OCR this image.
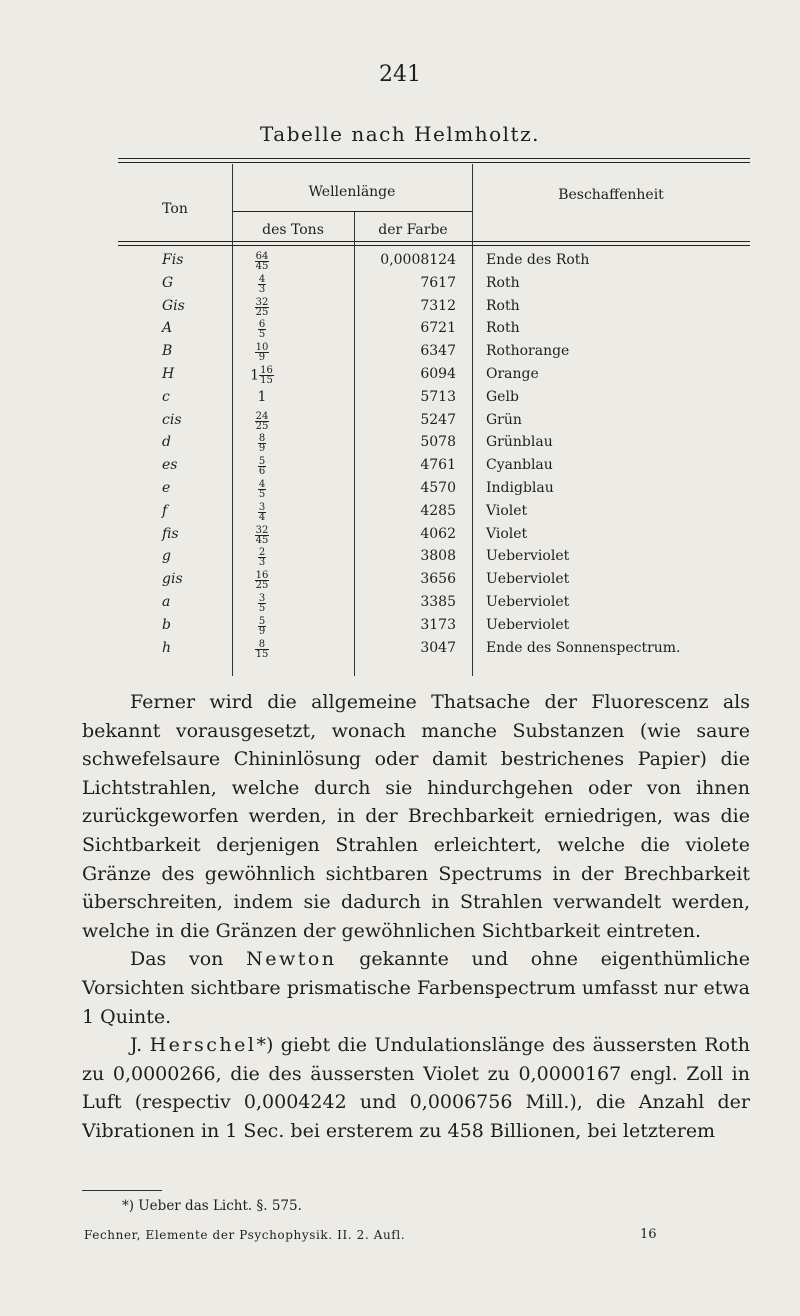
241
Tabelle nach Helmholtz.
Ton
Wellenlänge
des Tons	der Farbe
Beschaffenheit
Fis	$\frac{64}{45}$	0,0008124 Ende des Roth
G	$\frac{4}{3}$	7617 Roth
Gis	$\frac{32}{25}$	7312 Roth
A	$\frac{6}{5}$	6721 Roth
B	$\frac{10}{9}$	6347 Rothorange
H	$1 \frac{16}{15}$	6094 Orange
c	1	5713 Gelb
cis	$\frac{24}{25}$	5247 Grün
d	$\frac{8}{9}$	5078 Grünblau
es	$\frac{5}{6}$	4761 Cyanblau
e	$\frac{4}{5}$	4570 Indigblau
f	$\frac{3}{4}$	4285 Violet
fis	$\frac{32}{45}$	4062 Violet
g	$\frac{2}{3}$	3808 Ueberviolet
gis	$\frac{16}{25}$	3656 Ueberviolet
a	$\frac{3}{5}$	3385 Ueberviolet
b	$\frac{5}{9}$	3173 Ueberviolet
h	$\frac{8}{15}$	3047 Ende des Sonnenspectrum.

Ferner wird die allgemeine Thatsache der Fluorescenz als bekannt vorausgesetzt, wonach manche Substanzen (wie saure schwefelsaure Chininlösung oder damit bestrichenes Papier) die Lichtstrahlen, welche durch sie hindurchgehen oder von ihnen zurückgeworfen werden, in der Brechbarkeit erniedrigen, was die Sichtbarkeit derjenigen Strahlen erleichtert, welche die violete Gränze des gewöhnlich sichtbaren Spectrums in der Brechbarkeit überschreiten, indem sie dadurch in Strahlen verwandelt werden, welche in die Gränzen der gewöhnlichen Sichtbarkeit eintreten.

Das von Newton gekannte und ohne eigenthümliche Vorsichten sichtbare prismatische Farbenspectrum umfasst nur etwa 1 Quinte.

J. Herschel*) giebt die Undulationslänge des äussersten Roth zu 0,0000266, die des äussersten Violet zu 0,0000167 engl. Zoll in Luft (respectiv 0,0004242 und 0,0006756 Mill.), die Anzahl der Vibrationen in 1 Sec. bei ersterem zu 458 Billionen, bei letzterem

*) Ueber das Licht. §. 575.
Fechner, Elemente der Psychophysik. II. 2. Aufl.	16
